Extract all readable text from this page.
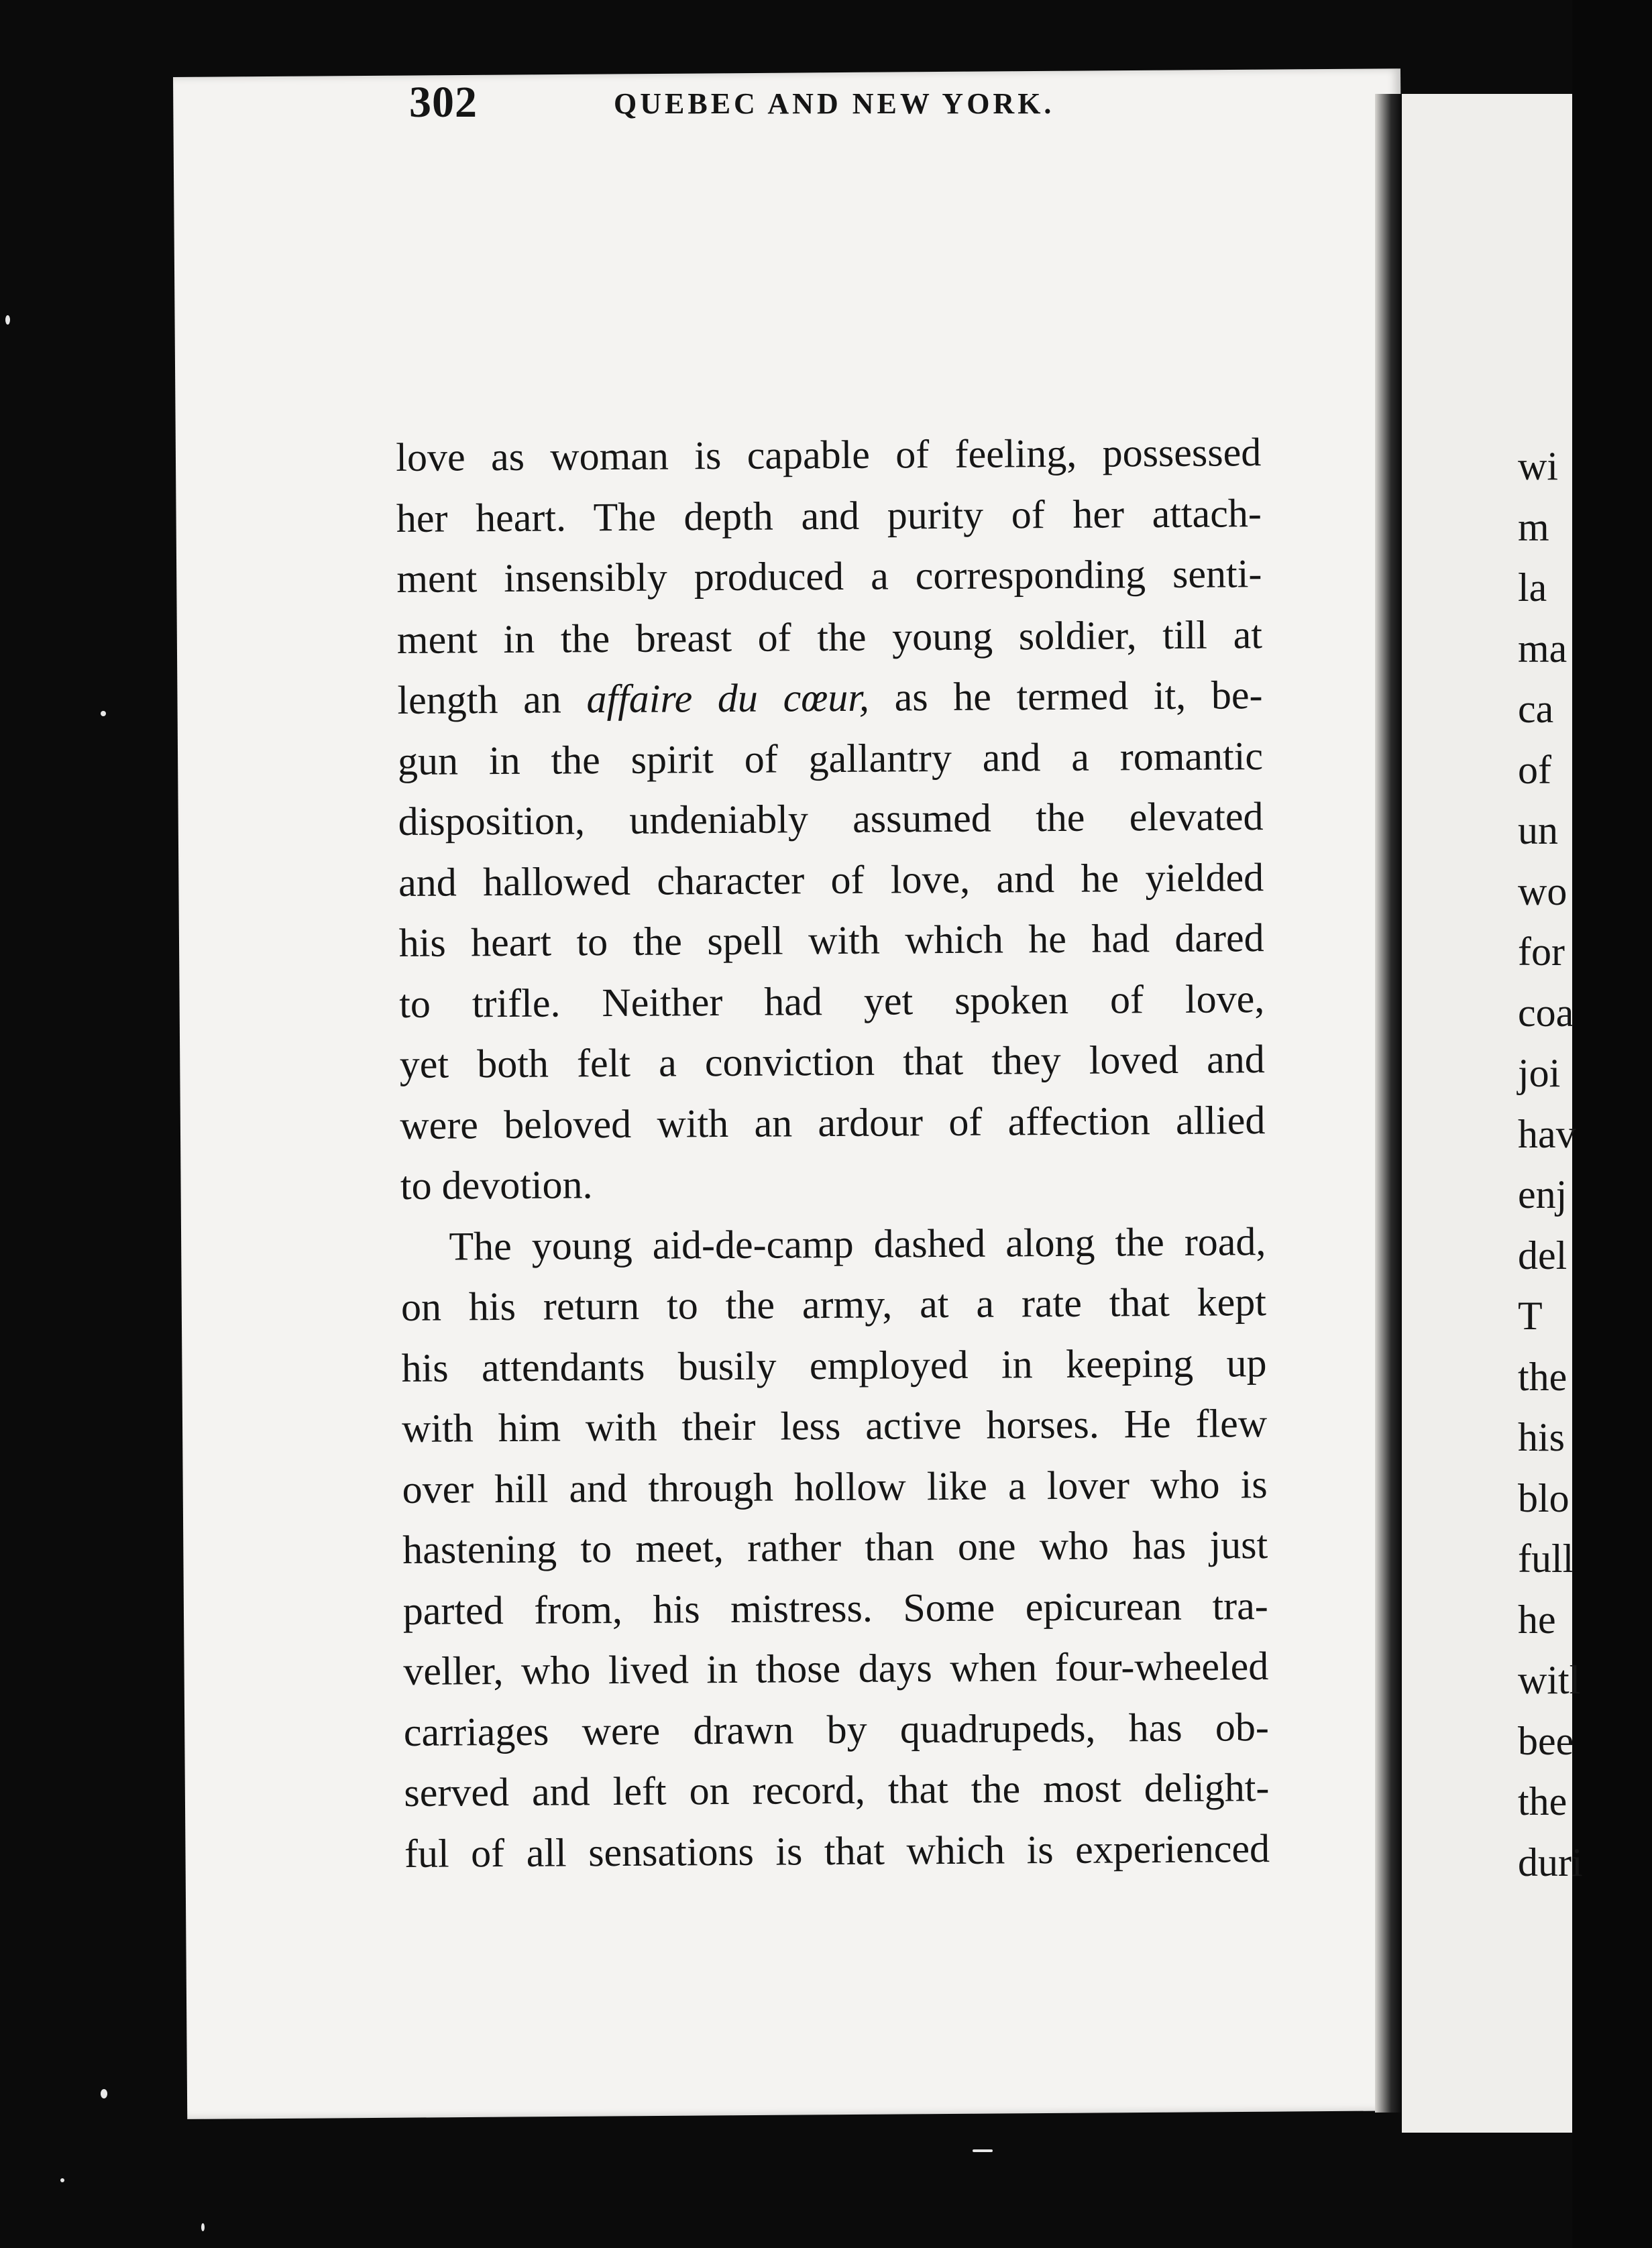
302	QUEBEC AND NEW YORK.
love as woman is capable of feeling, possessed
her heart. The depth and purity of her attach-
ment insensibly produced a corresponding senti-
ment in the breast of the young soldier, till at
length an affaire du cœur, as he termed it, be-
gun in the spirit of gallantry and a romantic
disposition, undeniably assumed the elevated
and hallowed character of love, and he yielded
his heart to the spell with which he had dared
to trifle. Neither had yet spoken of love,
yet both felt a conviction that they loved and
were beloved with an ardour of affection allied
to devotion.
The young aid-de-camp dashed along the road,
on his return to the army, at a rate that kept
his attendants busily employed in keeping up
with him with their less active horses. He flew
over hill and through hollow like a lover who is
hastening to meet, rather than one who has just
parted from, his mistress. Some epicurean tra-
veller, who lived in those days when four-wheeled
carriages were drawn by quadrupeds, has ob-
served and left on record, that the most delight-
ful of all sensations is that which is experienced
wi
m
la
ma
ca
of
un
wo
for
coa
joi
hav
enj
del
T
the
his
blo
full
he
witl
bee
the
duri
